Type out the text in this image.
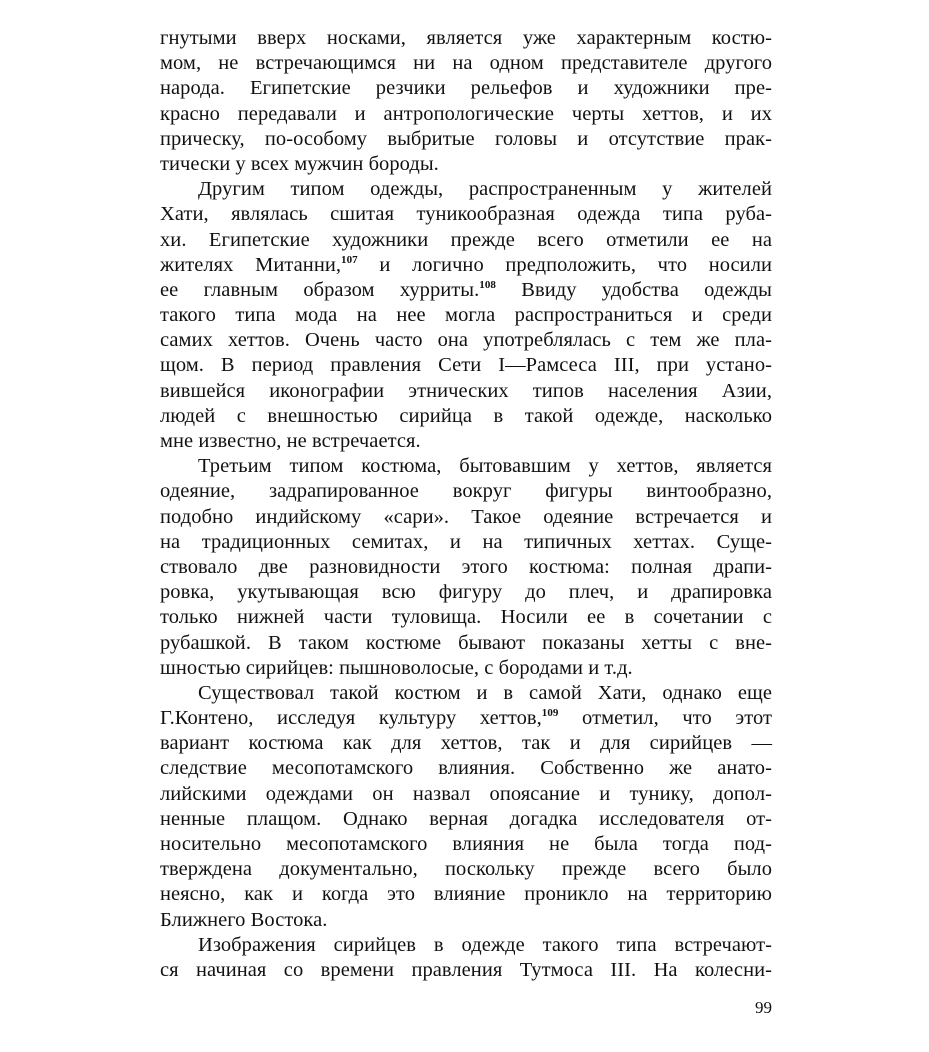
гнутыми вверх носками, является уже характерным костю-
мом, не встречающимся ни на одном представителе другого
народа. Египетские резчики рельефов и художники пре-
красно передавали и антропологические черты хеттов, и их
прическу, по-особому выбритые головы и отсутствие прак-
тически у всех мужчин бороды.
Другим типом одежды, распространенным у жителей
Хати, являлась сшитая туникообразная одежда типа руба-
хи. Египетские художники прежде всего отметили ее на
жителях Митанни,$^{107}$ и логично предположить, что носили
ее главным образом хурриты.$^{108}$ Ввиду удобства одежды
такого типа мода на нее могла распространиться и среди
самих хеттов. Очень часто она употреблялась с тем же пла-
щом. В период правления Сети I—Рамсеса III, при устано-
вившейся иконографии этнических типов населения Азии,
людей с внешностью сирийца в такой одежде, насколько
мне известно, не встречается.
Третьим типом костюма, бытовавшим у хеттов, является
одеяние, задрапированное вокруг фигуры винтообразно,
подобно индийскому «сари». Такое одеяние встречается и
на традиционных семитах, и на типичных хеттах. Суще-
ствовало две разновидности этого костюма: полная драпи-
ровка, укутывающая всю фигуру до плеч, и драпировка
только нижней части туловища. Носили ее в сочетании с
рубашкой. В таком костюме бывают показаны хетты с вне-
шностью сирийцев: пышноволосые, с бородами и т.д.
Существовал такой костюм и в самой Хати, однако еще
Г.Контено, исследуя культуру хеттов,$^{109}$ отметил, что этот
вариант костюма как для хеттов, так и для сирийцев —
следствие месопотамского влияния. Собственно же анато-
лийскими одеждами он назвал опоясание и тунику, допол-
ненные плащом. Однако верная догадка исследователя от-
носительно месопотамского влияния не была тогда под-
тверждена документально, поскольку прежде всего было
неясно, как и когда это влияние проникло на территорию
Ближнего Востока.
Изображения сирийцев в одежде такого типа встречают-
ся начиная со времени правления Тутмоса III. На колесни-
99
